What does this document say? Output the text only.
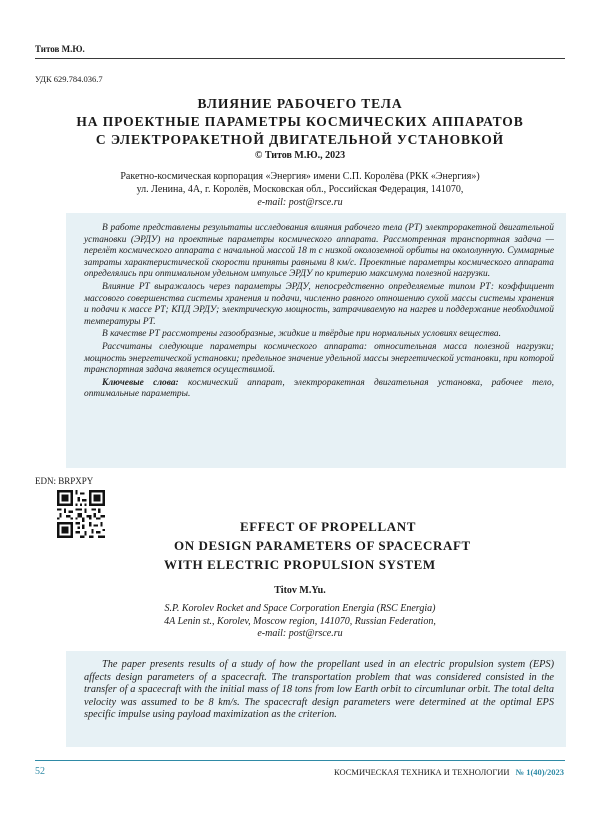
Титов М.Ю.
УДК 629.784.036.7
ВЛИЯНИЕ РАБОЧЕГО ТЕЛА
НА ПРОЕКТНЫЕ ПАРАМЕТРЫ КОСМИЧЕСКИХ АППАРАТОВ
С ЭЛЕКТРОРАКЕТНОЙ ДВИГАТЕЛЬНОЙ УСТАНОВКОЙ
© Титов М.Ю., 2023
Ракетно-космическая корпорация «Энергия» имени С.П. Королёва (РКК «Энергия»)
ул. Ленина, 4А, г. Королёв, Московская обл., Российская Федерация, 141070,
e-mail: post@rsce.ru

В работе представлены результаты исследования влияния рабочего тела (РТ) электроракетной двигательной установки (ЭРДУ) на проектные параметры космического аппарата. Рассмотренная транспортная задача — перелёт космического аппарата с начальной массой 18 т с низкой околоземной орбиты на окололунную. Суммарные затраты характеристической скорости приняты равными 8 км/с. Проектные параметры космического аппарата определялись при оптимальном удельном импульсе ЭРДУ по критерию максимума полезной нагрузки.

Влияние РТ выражалось через параметры ЭРДУ, непосредственно определяемые типом РТ: коэффициент массового совершенства системы хранения и подачи, численно равного отношению сухой массы системы хранения и подачи к массе РТ; КПД ЭРДУ; электрическую мощность, затрачиваемую на нагрев и поддержание необходимой температуры РТ.

В качестве РТ рассмотрены газообразные, жидкие и твёрдые при нормальных условиях вещества.

Рассчитаны следующие параметры космического аппарата: относительная масса полезной нагрузки; мощность энергетической установки; предельное значение удельной массы энергетической установки, при которой транспортная задача является осуществимой.

Ключевые слова: космический аппарат, электроракетная двигательная установка, рабочее тело, оптимальные параметры.

EDN: BRPXPY
EFFECT OF PROPELLANT
ON DESIGN PARAMETERS OF SPACECRAFT
WITH ELECTRIC PROPULSION SYSTEM
Titov M.Yu.
S.P. Korolev Rocket and Space Corporation Energia (RSC Energia)
4A Lenin st., Korolev, Moscow region, 141070, Russian Federation,
e-mail: post@rsce.ru

The paper presents results of a study of how the propellant used in an electric propulsion system (EPS) affects design parameters of a spacecraft. The transportation problem that was considered consisted in the transfer of a spacecraft with the initial mass of 18 tons from low Earth orbit to circumlunar orbit. The total delta velocity was assumed to be 8 km/s. The spacecraft design parameters were determined at the optimal EPS specific impulse using payload maximization as the criterion.

52	КОСМИЧЕСКАЯ ТЕХНИКА И ТЕХНОЛОГИИ № 1(40)/2023
